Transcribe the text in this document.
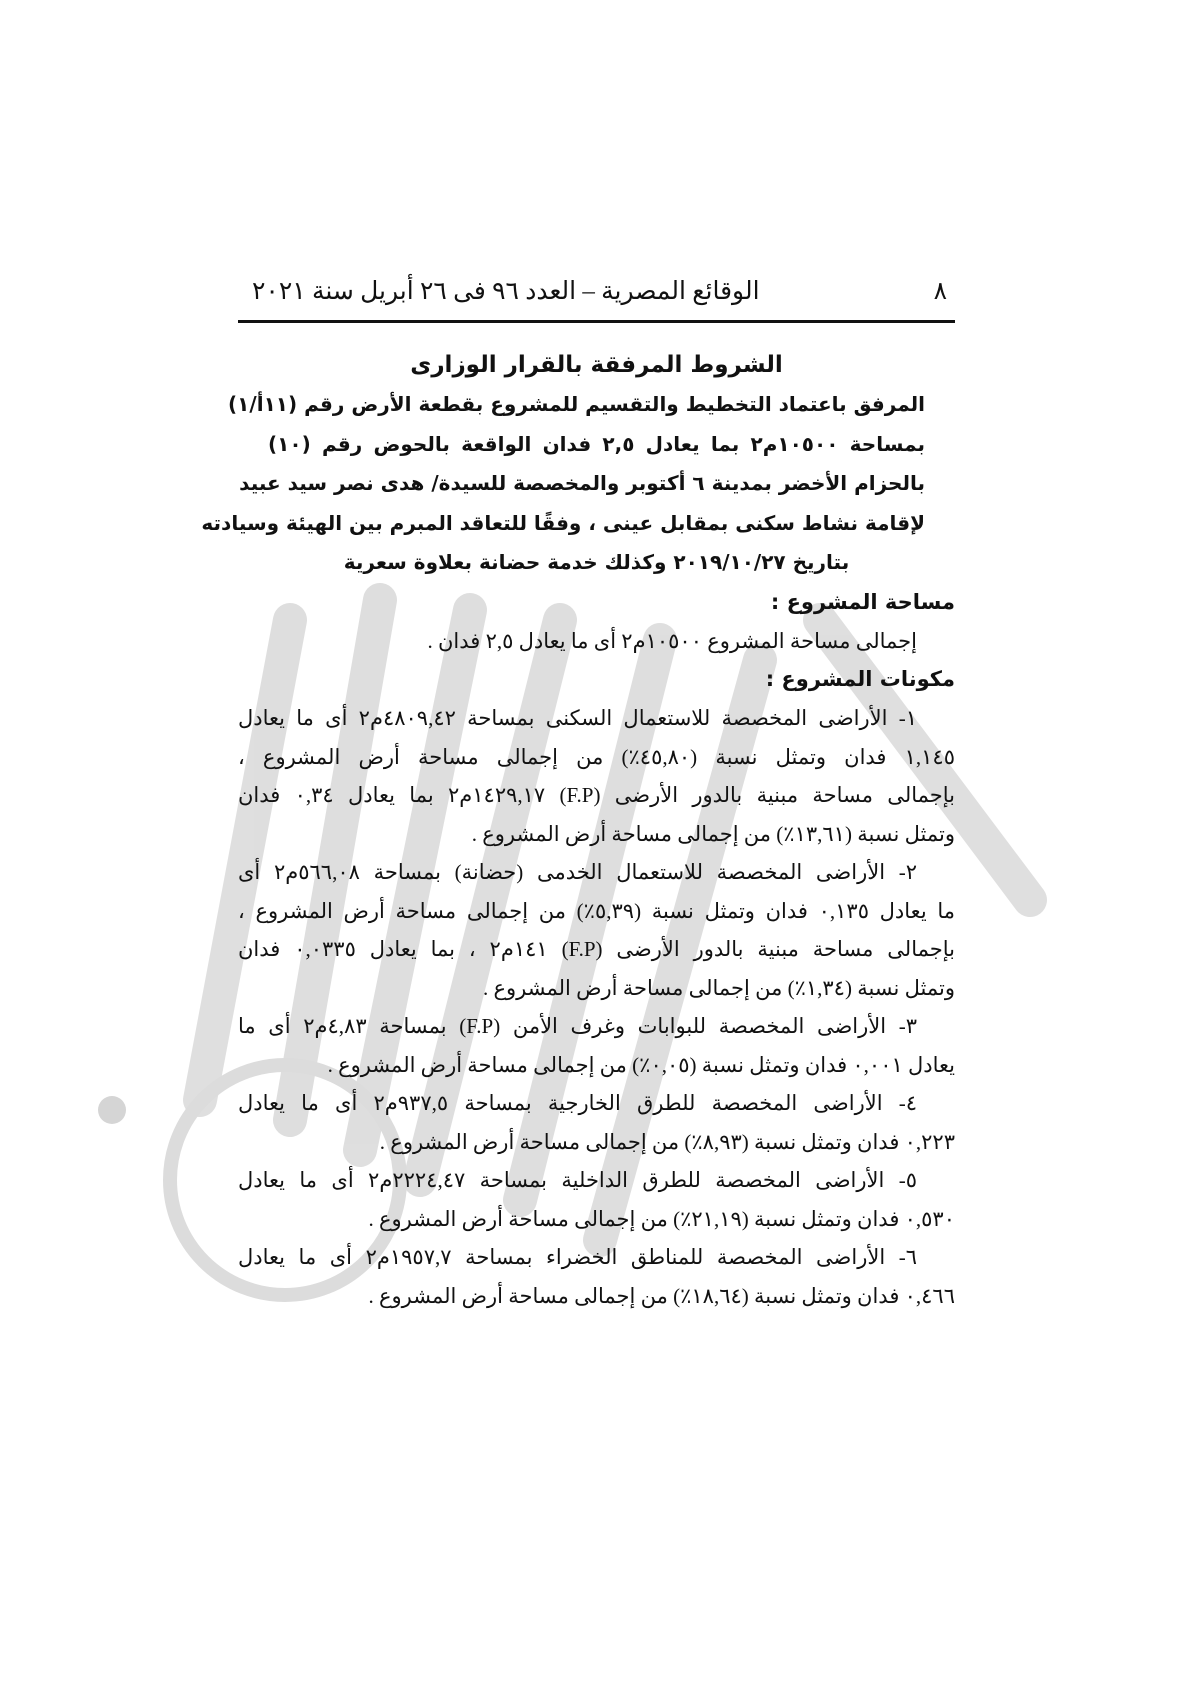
٨
الوقائع المصرية – العدد ٩٦ فى ٢٦ أبريل سنة ٢٠٢١
الشروط المرفقة بالقرار الوزارى
المرفق باعتماد التخطيط والتقسيم للمشروع بقطعة الأرض رقم (١١أ/١)
بمساحة ١٠٥٠٠م٢ بما يعادل ٢,٥ فدان الواقعة بالحوض رقم (١٠)
بالحزام الأخضر بمدينة ٦ أكتوبر والمخصصة للسيدة/ هدى نصر سيد عبيد
لإقامة نشاط سكنى بمقابل عينى ، وفقًا للتعاقد المبرم بين الهيئة وسيادته
بتاريخ ٢٠١٩/١٠/٢٧ وكذلك خدمة حضانة بعلاوة سعرية
مساحة المشروع :
إجمالى مساحة المشروع ١٠٥٠٠م٢ أى ما يعادل ٢,٥ فدان .
مكونات المشروع :
١- الأراضى المخصصة للاستعمال السكنى بمساحة ٤٨٠٩,٤٢م٢ أى ما يعادل
١,١٤٥ فدان وتمثل نسبة (٤٥,٨٠٪) من إجمالى مساحة أرض المشروع ،
بإجمالى مساحة مبنية بالدور الأرضى (F.P) ١٤٢٩,١٧م٢ بما يعادل ٠,٣٤ فدان
وتمثل نسبة (١٣,٦١٪) من إجمالى مساحة أرض المشروع .
٢- الأراضى المخصصة للاستعمال الخدمى (حضانة) بمساحة ٥٦٦,٠٨م٢ أى
ما يعادل ٠,١٣٥ فدان وتمثل نسبة (٥,٣٩٪) من إجمالى مساحة أرض المشروع ،
بإجمالى مساحة مبنية بالدور الأرضى (F.P) ١٤١م٢ ، بما يعادل ٠,٠٣٣٥ فدان
وتمثل نسبة (١,٣٤٪) من إجمالى مساحة أرض المشروع .
٣- الأراضى المخصصة للبوابات وغرف الأمن (F.P) بمساحة ٤,٨٣م٢ أى ما
يعادل ٠,٠٠١ فدان وتمثل نسبة (٠,٠٥٪) من إجمالى مساحة أرض المشروع .
٤- الأراضى المخصصة للطرق الخارجية بمساحة ٩٣٧,٥م٢ أى ما يعادل
٠,٢٢٣ فدان وتمثل نسبة (٨,٩٣٪) من إجمالى مساحة أرض المشروع .
٥- الأراضى المخصصة للطرق الداخلية بمساحة ٢٢٢٤,٤٧م٢ أى ما يعادل
٠,٥٣٠ فدان وتمثل نسبة (٢١,١٩٪) من إجمالى مساحة أرض المشروع .
٦- الأراضى المخصصة للمناطق الخضراء بمساحة ١٩٥٧,٧م٢ أى ما يعادل
٠,٤٦٦ فدان وتمثل نسبة (١٨,٦٤٪) من إجمالى مساحة أرض المشروع .
